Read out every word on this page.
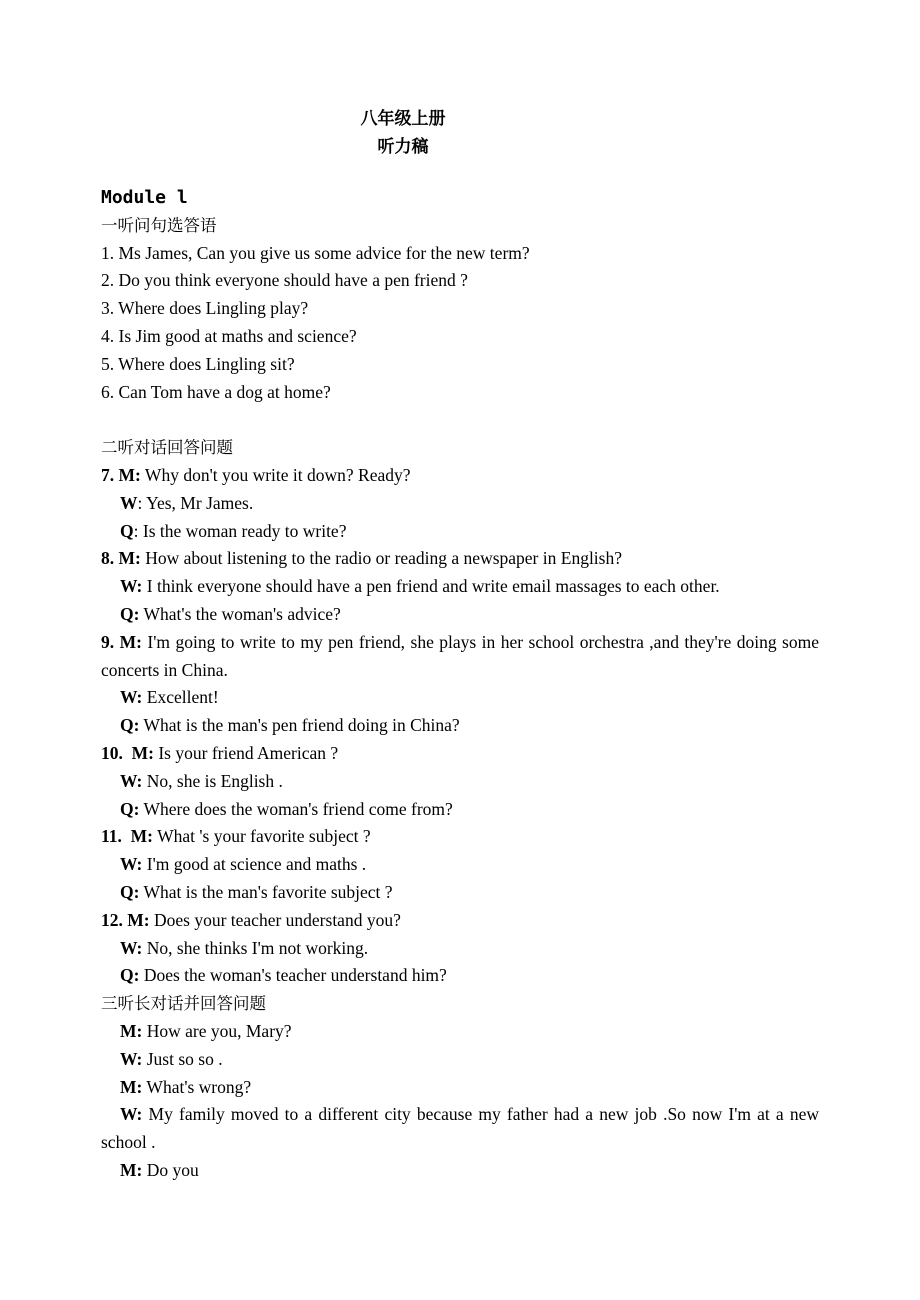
八年级上册
听力稿
Module l
一听问句选答语
1. Ms James, Can you give us some advice for the new term?
2. Do you think everyone should have a pen friend ?
3. Where does Lingling play?
4. Is Jim good at maths and science?
5. Where does Lingling sit?
6. Can Tom have a dog at home?
二听对话回答问题
7. M: Why don't you write it down? Ready?
W: Yes, Mr James.
Q: Is the woman ready to write?
8. M: How about listening to the radio or reading a newspaper in English?
W: I think everyone should have a pen friend and write email massages to each other.
Q: What's the woman's advice?
9. M: I'm going to write to my pen friend, she plays in her school orchestra ,and they're doing some concerts in China.
W: Excellent!
Q: What is the man's pen friend doing in China?
10.  M: Is your friend American ?
W: No, she is English .
Q: Where does the woman's friend come from?
11.  M: What 's your favorite subject ?
W: I'm good at science and maths .
Q: What is the man's favorite subject ?
12. M: Does your teacher understand you?
W: No, she thinks I'm not working.
Q: Does the woman's teacher understand him?
三听长对话并回答问题
M: How are you, Mary?
W: Just so so .
M: What's wrong?
W: My family moved to a different city because my father had a new job .So now I'm at a new school .
M: Do you
